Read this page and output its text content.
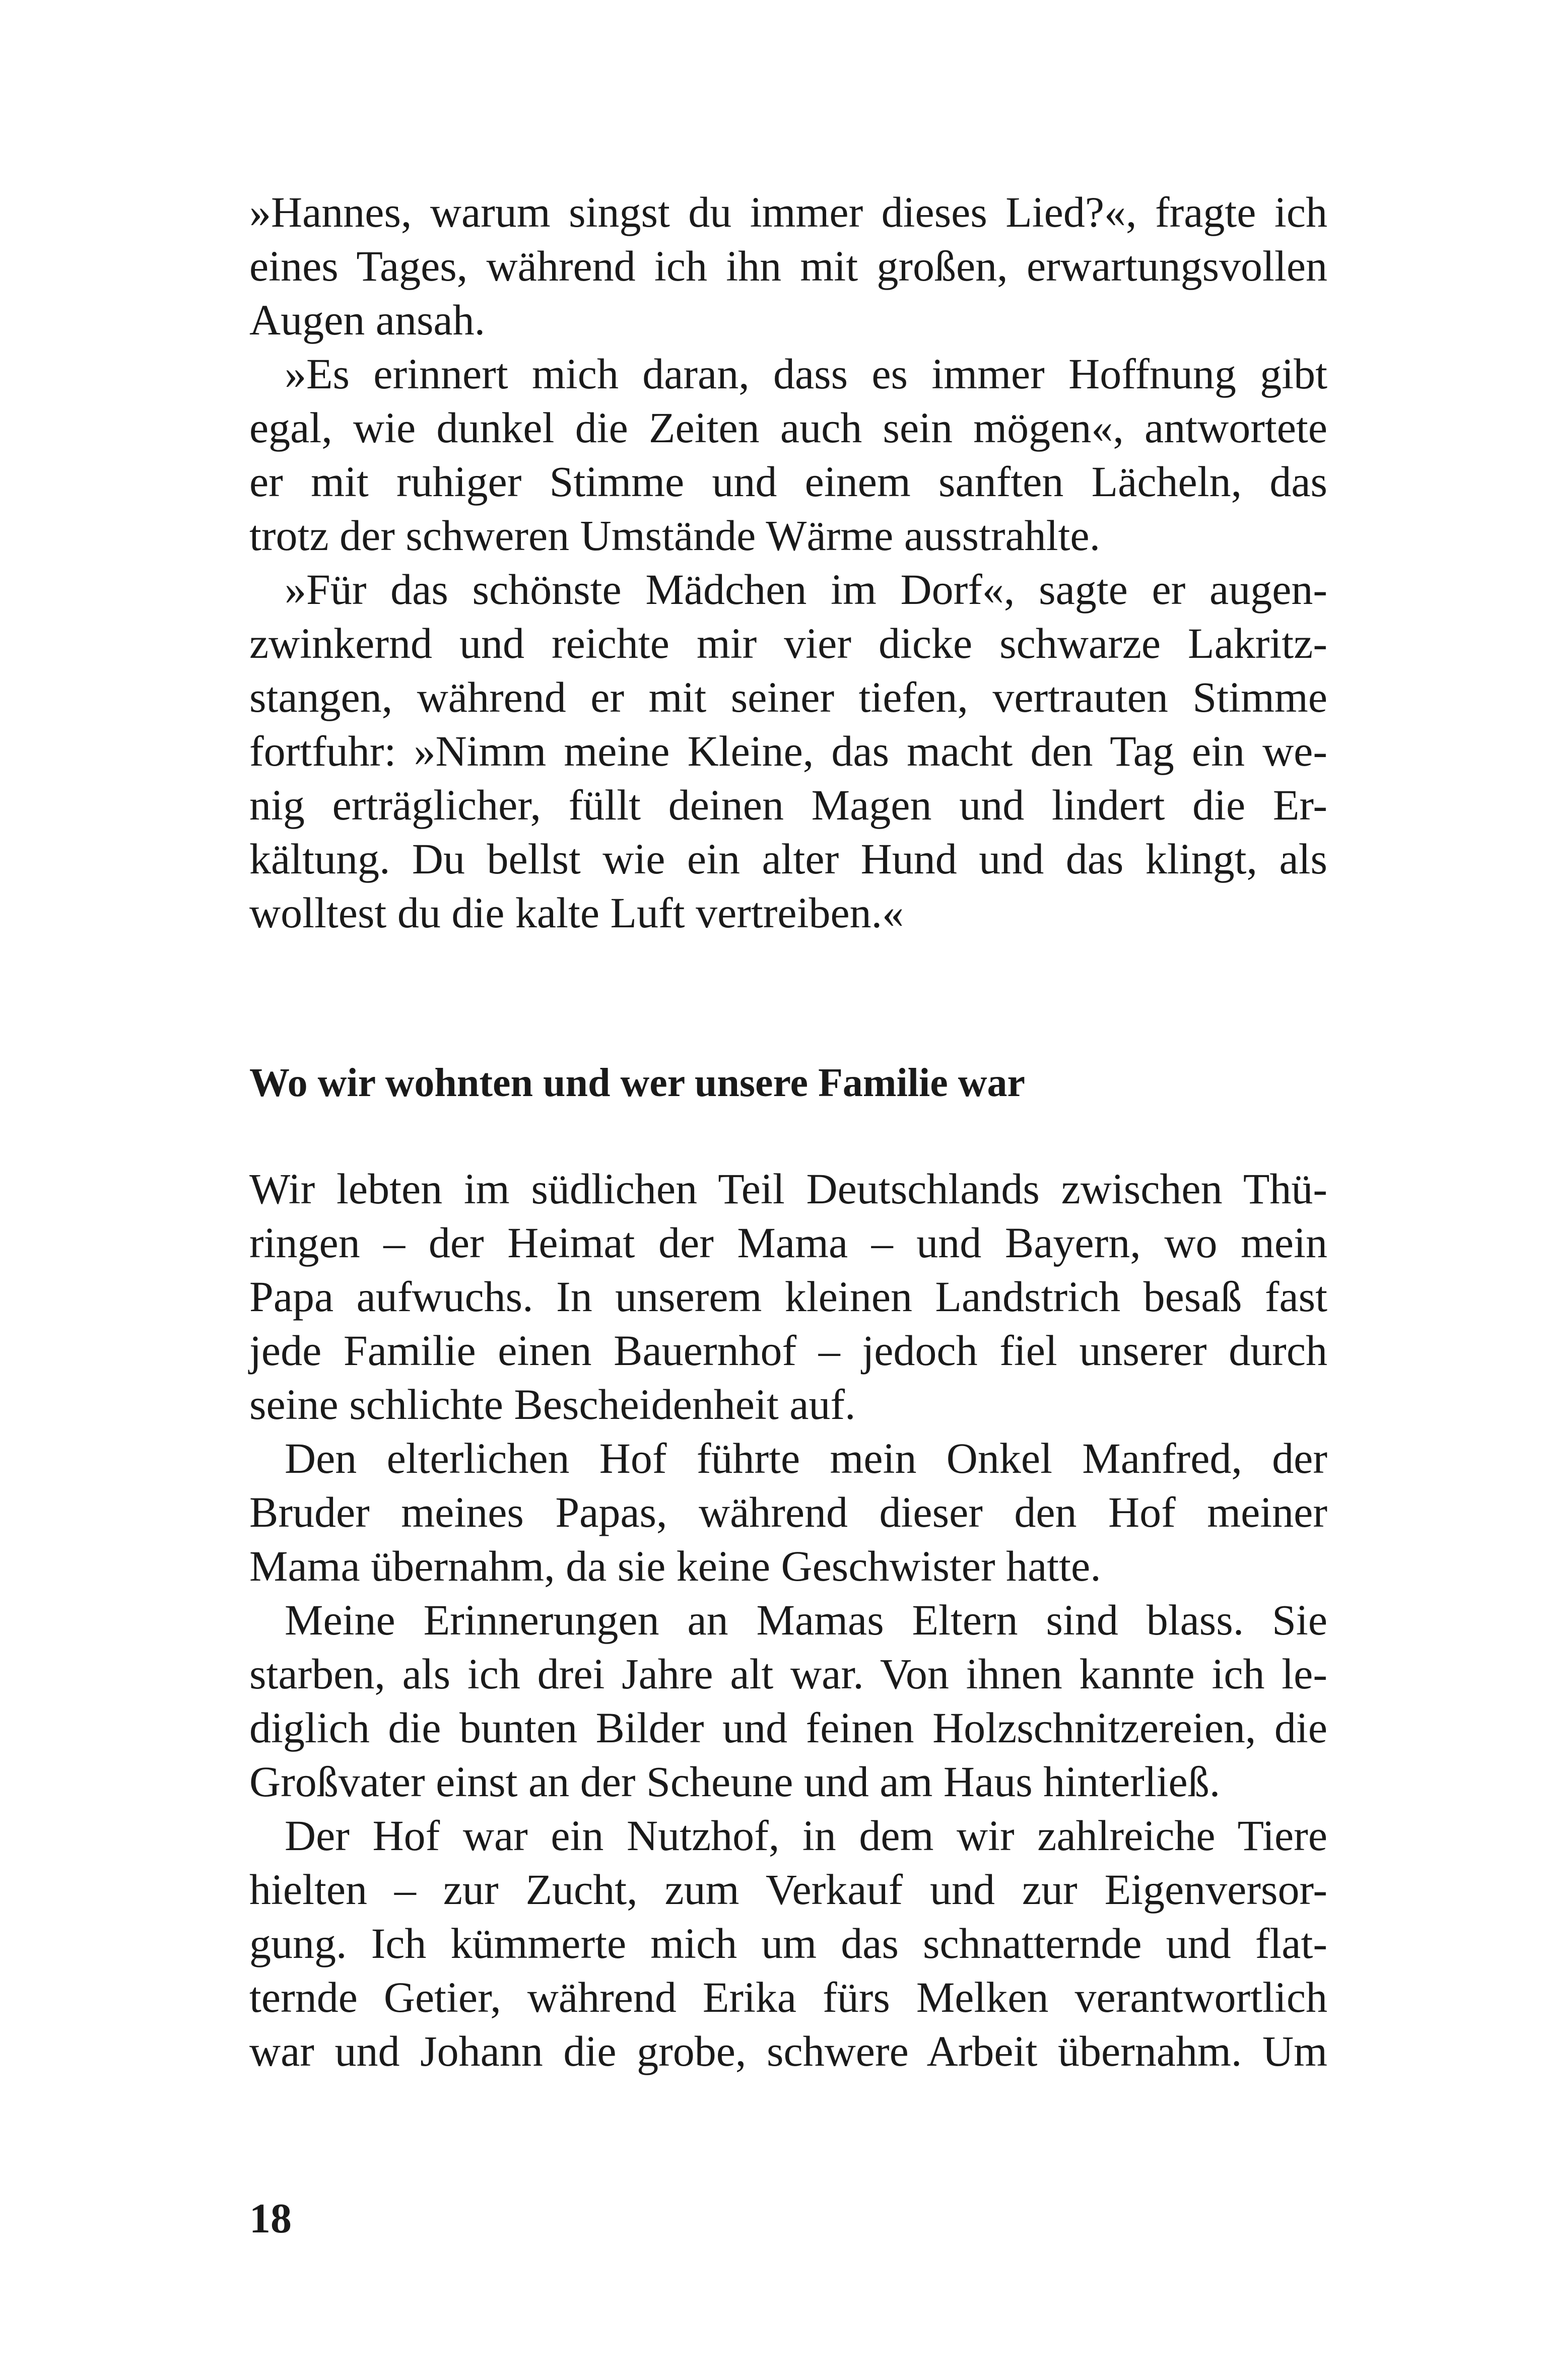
»Hannes, warum singst du immer dieses Lied?«, fragte ich
eines Tages, während ich ihn mit großen, erwartungsvollen
Augen ansah.
»Es erinnert mich daran, dass es immer Hoffnung gibt
egal, wie dunkel die Zeiten auch sein mögen«, antwortete
er mit ruhiger Stimme und einem sanften Lächeln, das
trotz der schweren Umstände Wärme ausstrahlte.
»Für das schönste Mädchen im Dorf«, sagte er augen-
zwinkernd und reichte mir vier dicke schwarze Lakritz-
stangen, während er mit seiner tiefen, vertrauten Stimme
fortfuhr: »Nimm meine Kleine, das macht den Tag ein we-
nig erträglicher, füllt deinen Magen und lindert die Er-
kältung. Du bellst wie ein alter Hund und das klingt, als
wolltest du die kalte Luft vertreiben.«
Wo wir wohnten und wer unsere Familie war
Wir lebten im südlichen Teil Deutschlands zwischen Thü-
ringen – der Heimat der Mama – und Bayern, wo mein
Papa aufwuchs. In unserem kleinen Landstrich besaß fast
jede Familie einen Bauernhof – jedoch fiel unserer durch
seine schlichte Bescheidenheit auf.
Den elterlichen Hof führte mein Onkel Manfred, der
Bruder meines Papas, während dieser den Hof meiner
Mama übernahm, da sie keine Geschwister hatte.
Meine Erinnerungen an Mamas Eltern sind blass. Sie
starben, als ich drei Jahre alt war. Von ihnen kannte ich le-
diglich die bunten Bilder und feinen Holzschnitzereien, die
Großvater einst an der Scheune und am Haus hinterließ.
Der Hof war ein Nutzhof, in dem wir zahlreiche Tiere
hielten – zur Zucht, zum Verkauf und zur Eigenversor-
gung. Ich kümmerte mich um das schnatternde und flat-
ternde Getier, während Erika fürs Melken verantwortlich
war und Johann die grobe, schwere Arbeit übernahm. Um
18
